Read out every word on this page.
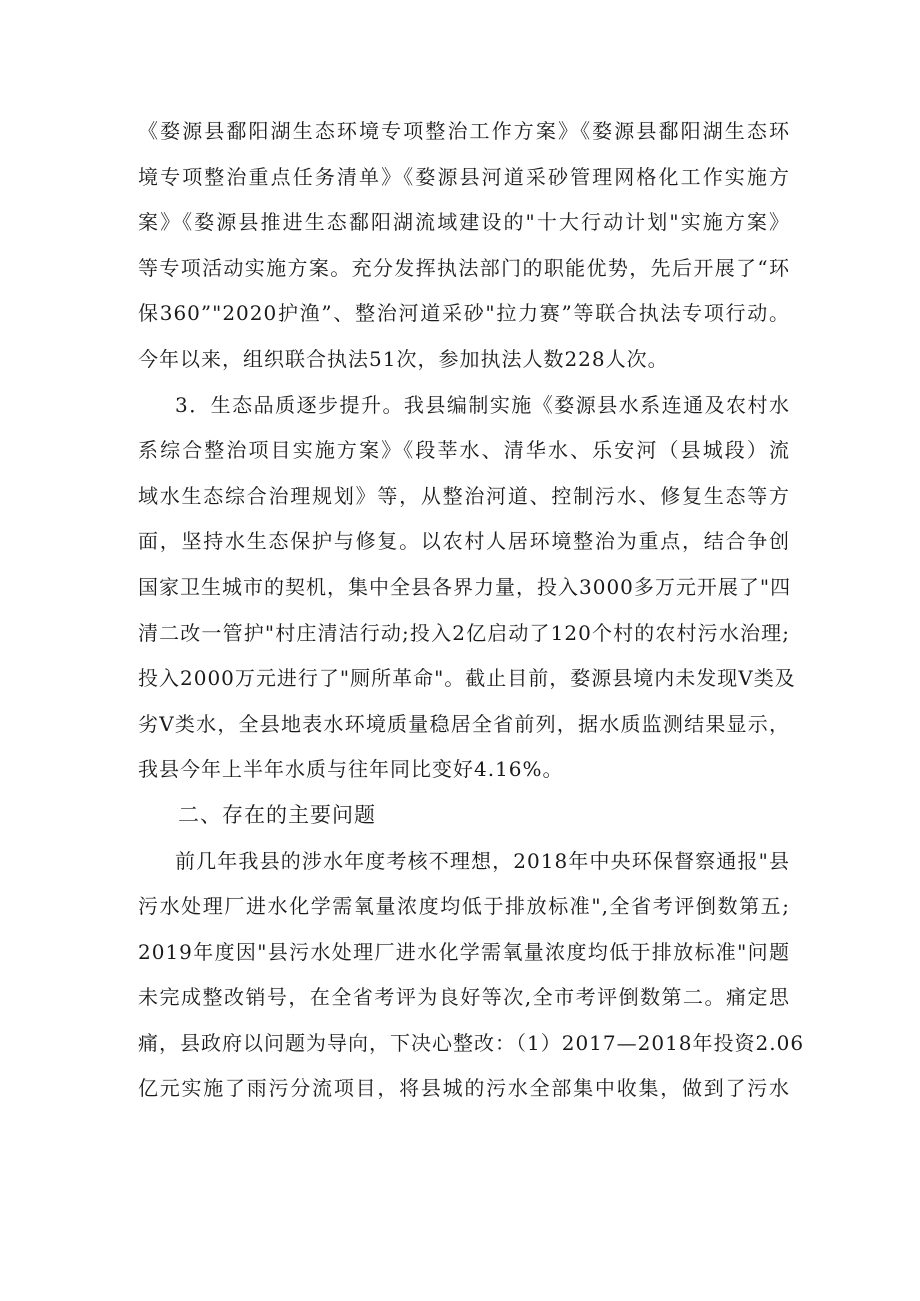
《婺源县鄱阳湖生态环境专项整治工作方案》《婺源县鄱阳湖生态环
境专项整治重点任务清单》《婺源县河道采砂管理网格化工作实施方
案》《婺源县推进生态鄱阳湖流域建设的"十大行动计划"实施方案》
等专项活动实施方案。充分发挥执法部门的职能优势，先后开展了“环
保360”"2020护渔”、整治河道采砂"拉力赛”等联合执法专项行动。
今年以来，组织联合执法51次，参加执法人数228人次。
3．生态品质逐步提升。我县编制实施《婺源县水系连通及农村水
系综合整治项目实施方案》《段莘水、清华水、乐安河（县城段）流
域水生态综合治理规划》等，从整治河道、控制污水、修复生态等方
面，坚持水生态保护与修复。以农村人居环境整治为重点，结合争创
国家卫生城市的契机，集中全县各界力量，投入3000多万元开展了"四
清二改一管护"村庄清洁行动;投入2亿启动了120个村的农村污水治理;
投入2000万元进行了"厕所革命"。截止目前，婺源县境内未发现V类及
劣V类水，全县地表水环境质量稳居全省前列，据水质监测结果显示，
我县今年上半年水质与往年同比变好4.16%。
二、存在的主要问题
前几年我县的涉水年度考核不理想，2018年中央环保督察通报"县
污水处理厂进水化学需氧量浓度均低于排放标准",全省考评倒数第五;
2019年度因"县污水处理厂进水化学需氧量浓度均低于排放标准"问题
未完成整改销号，在全省考评为良好等次,全市考评倒数第二。痛定思
痛，县政府以问题为导向，下决心整改：（1）2017—2018年投资2.06
亿元实施了雨污分流项目，将县城的污水全部集中收集，做到了污水
